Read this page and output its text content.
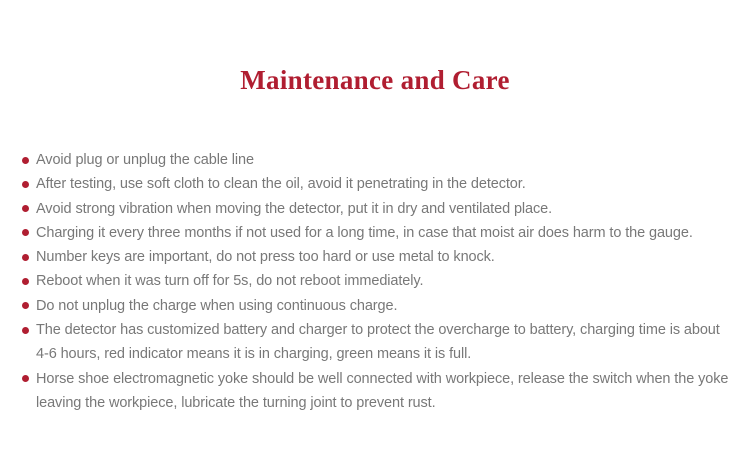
Maintenance and Care
Avoid plug or unplug the cable line
After testing, use soft cloth to clean the oil, avoid it penetrating in the detector.
Avoid strong vibration when moving the detector, put it in dry and ventilated place.
Charging it every three months if not used for a long time, in case that moist air does harm to the gauge.
Number keys are important, do not press too hard or use metal to knock.
Reboot when it was turn off for 5s, do not reboot immediately.
Do not unplug the charge when using continuous charge.
The detector has customized battery and charger to protect the overcharge to battery, charging time is about 4-6 hours, red indicator means it is in charging, green means it is full.
Horse shoe electromagnetic yoke should be well connected with workpiece, release the switch when the yoke leaving the workpiece, lubricate the turning joint to prevent rust.
